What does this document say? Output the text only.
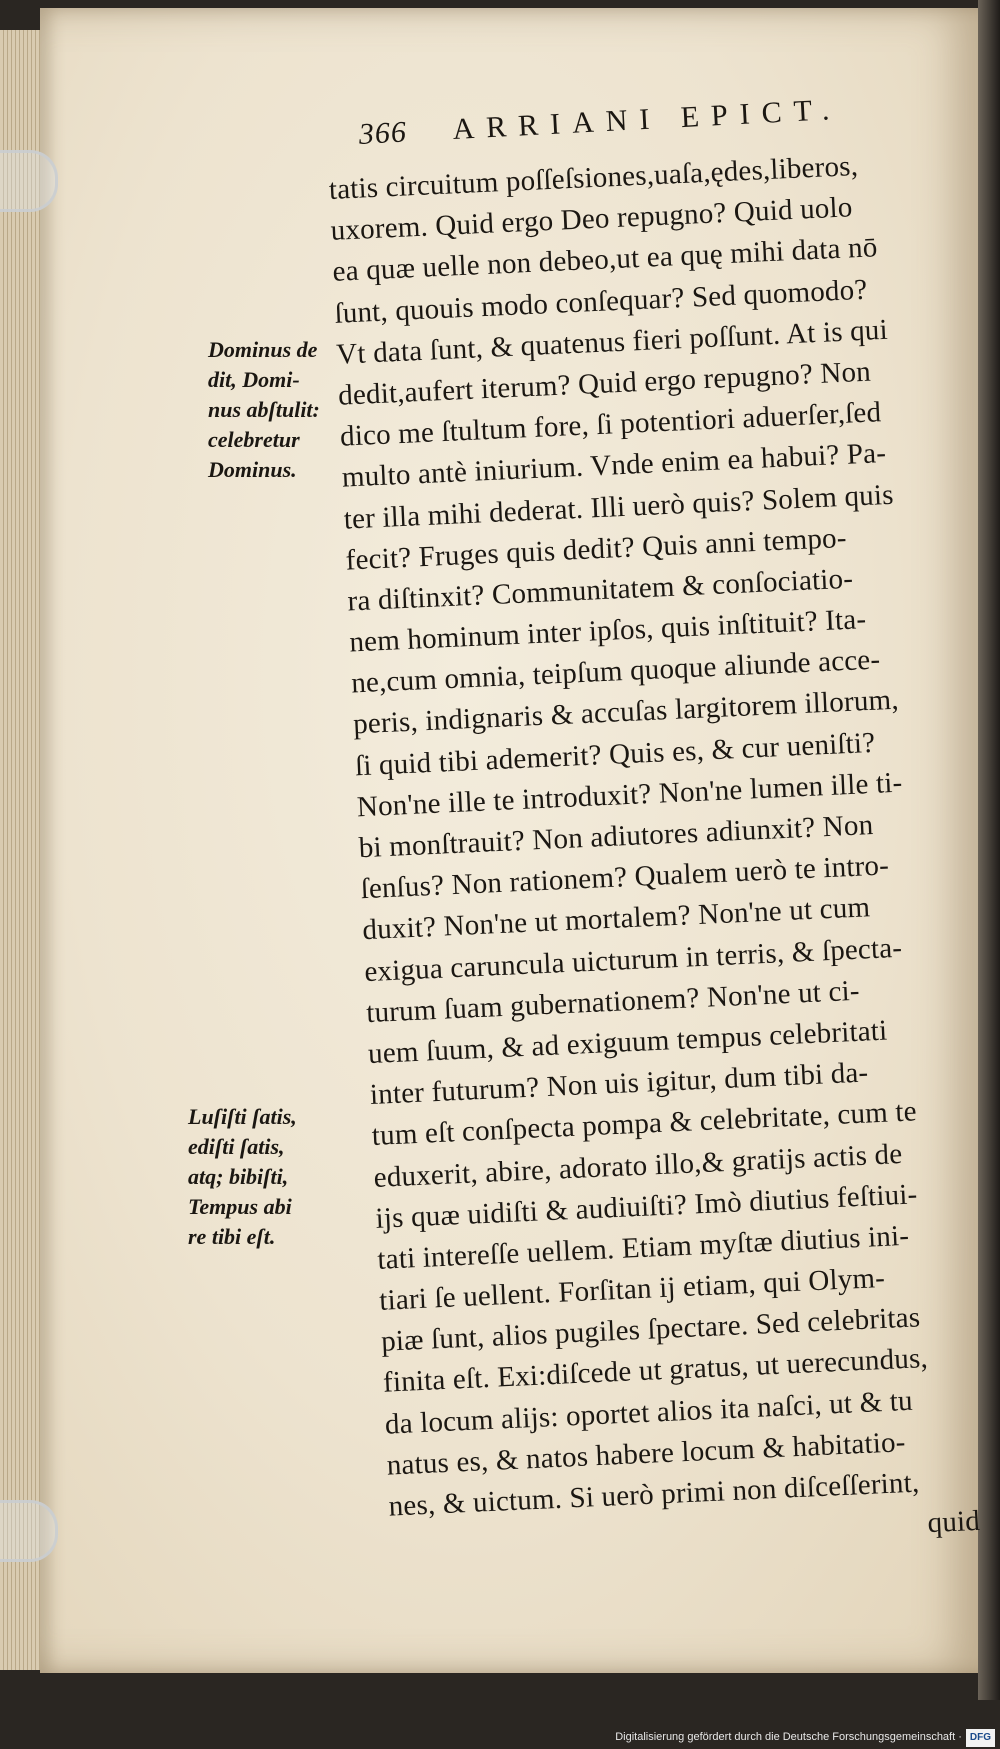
366 ARRIANI EPICT.
Dominus de
dit, Domi-
nus abſtulit:
celebretur
Dominus.
Luſiſti ſatis,
ediſti ſatis,
atq; bibiſti,
Tempus abi
re tibi eſt.
tatis circuitum poſſeſsiones,uaſa,ędes,liberos,
uxorem. Quid ergo Deo repugno? Quid uolo
ea quæ uelle non debeo,ut ea quę mihi data nō
ſunt, quouis modo conſequar? Sed quomodo?
Vt data ſunt, & quatenus fieri poſſunt. At is qui
dedit,aufert iterum? Quid ergo repugno? Non
dico me ſtultum fore, ſi potentiori aduerſer,ſed
multo antè iniurium. Vnde enim ea habui? Pa-
ter illa mihi dederat. Illi uerò quis? Solem quis
fecit? Fruges quis dedit? Quis anni tempo-
ra diſtinxit? Communitatem & conſociatio-
nem hominum inter ipſos, quis inſtituit? Ita-
ne,cum omnia, teipſum quoque aliunde acce-
peris, indignaris & accuſas largitorem illorum,
ſi quid tibi ademerit? Quis es, & cur ueniſti?
Non'ne ille te introduxit? Non'ne lumen ille ti-
bi monſtrauit? Non adiutores adiunxit? Non
ſenſus? Non rationem? Qualem uerò te intro-
duxit? Non'ne ut mortalem? Non'ne ut cum
exigua caruncula uicturum in terris, & ſpecta-
turum ſuam gubernationem? Non'ne ut ci-
uem ſuum, & ad exiguum tempus celebritati
inter futurum? Non uis igitur, dum tibi da-
tum eſt conſpecta pompa & celebritate, cum te
eduxerit, abire, adorato illo,& gratijs actis de
ijs quæ uidiſti & audiuiſti? Imò diutius feſtiui-
tati intereſſe uellem. Etiam myſtæ diutius ini-
tiari ſe uellent. Forſitan ij etiam, qui Olym-
piæ ſunt, alios pugiles ſpectare. Sed celebritas
finita eſt. Exi:diſcede ut gratus, ut uerecundus,
da locum alijs: oportet alios ita naſci, ut & tu
natus es, & natos habere locum & habitatio-
nes, & uictum. Si uerò primi non diſceſſerint, quid
Digitalisierung gefördert durch die Deutsche Forschungsgemeinschaft · DFG
